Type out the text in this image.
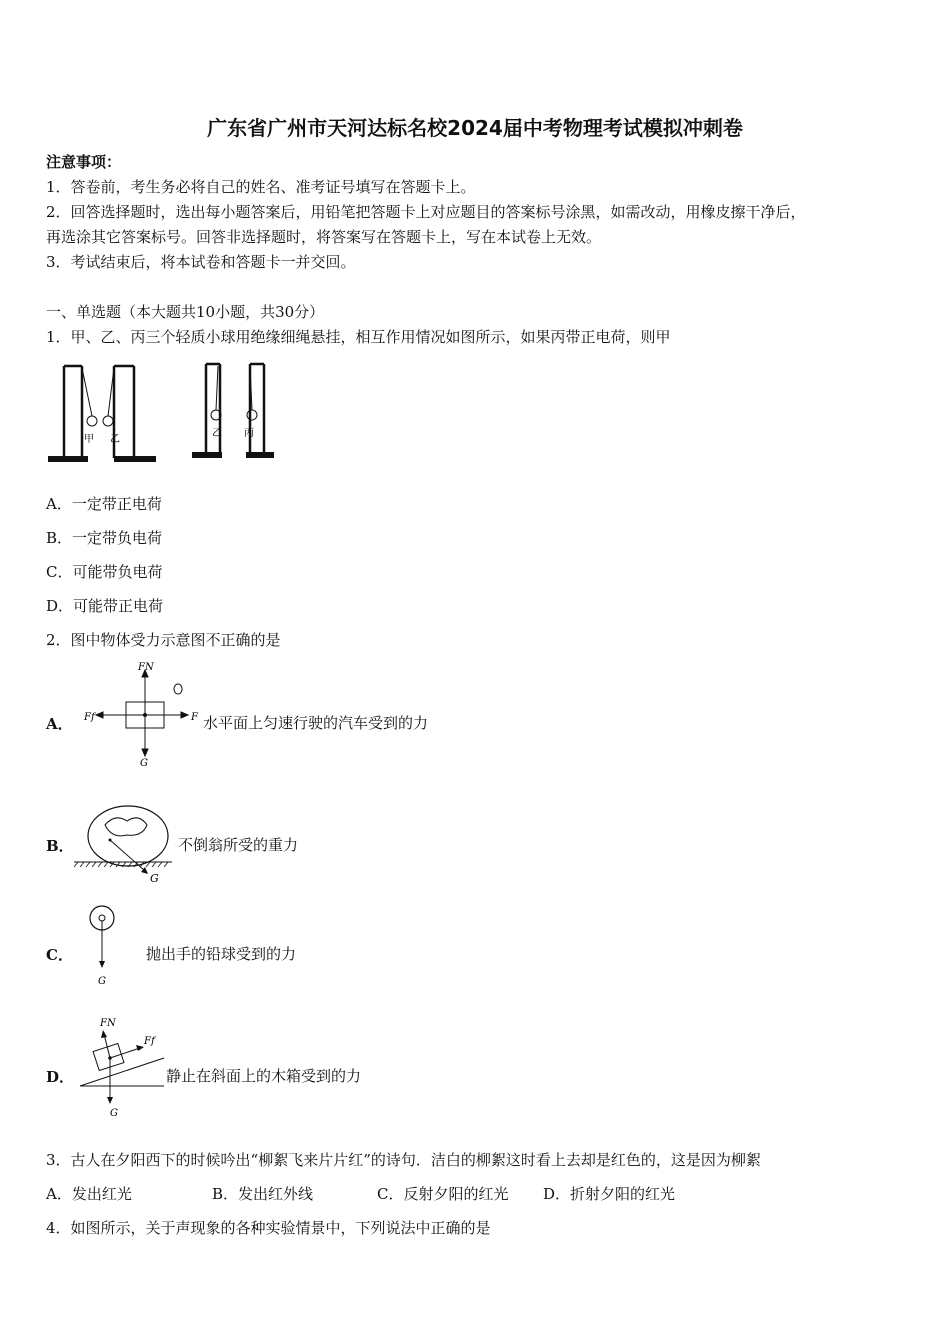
广东省广州市天河达标名校2024届中考物理考试模拟冲刺卷
注意事项：
1．答卷前，考生务必将自己的姓名、准考证号填写在答题卡上。
2．回答选择题时，选出每小题答案后，用铅笔把答题卡上对应题目的答案标号涂黑，如需改动，用橡皮擦干净后，
再选涂其它答案标号。回答非选择题时，将答案写在答题卡上，写在本试卷上无效。
3．考试结束后，将本试卷和答题卡一并交回。
一、单选题（本大题共10小题，共30分）
1．甲、乙、丙三个轻质小球用绝缘细绳悬挂，相互作用情况如图所示，如果丙带正电荷，则甲
甲 乙
乙 丙
A．一定带正电荷
B．一定带负电荷
C．可能带负电荷
D．可能带正电荷
2．图中物体受力示意图不正确的是
A．
FN
Ff	F
G
水平面上匀速行驶的汽车受到的力
B．
G
不倒翁所受的重力
C．
G
抛出手的铅球受到的力
D．
FN
Ff
G
静止在斜面上的木箱受到的力
3．古人在夕阳西下的时候吟出“柳絮飞来片片红”的诗句．洁白的柳絮这时看上去却是红色的，这是因为柳絮
A．发出红光	B．发出红外线	C．反射夕阳的红光 D．折射夕阳的红光
4．如图所示，关于声现象的各种实验情景中，下列说法中正确的是
